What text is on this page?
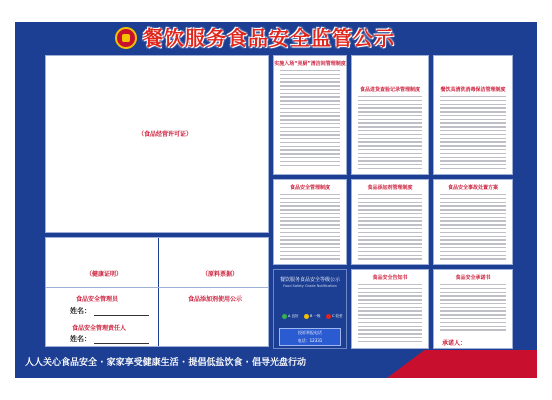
餐饮服务食品安全监管公示
（食品经营许可证）
（健康证明）	（原料票据）
食品安全管理员
姓名：
食品安全管理责任人
姓名：
食品添加剂使用公示
实施入场“亮厨”清洁间管理制度
食品进货查验记录管理制度	餐饮具清洗消毒保洁管理制度
食品安全管理制度	食品添加剂管理制度	食品安全事故处置方案
餐饮服务食品安全等级公示
Food Safety Grade Notification
A 良好	B 一般	C 较差
投诉举报电话
电话：12331
食品安全告知书	食品安全承诺书
承诺人：
人人关心食品安全 · 家家享受健康生活 · 提倡低盐饮食 · 倡导光盘行动
